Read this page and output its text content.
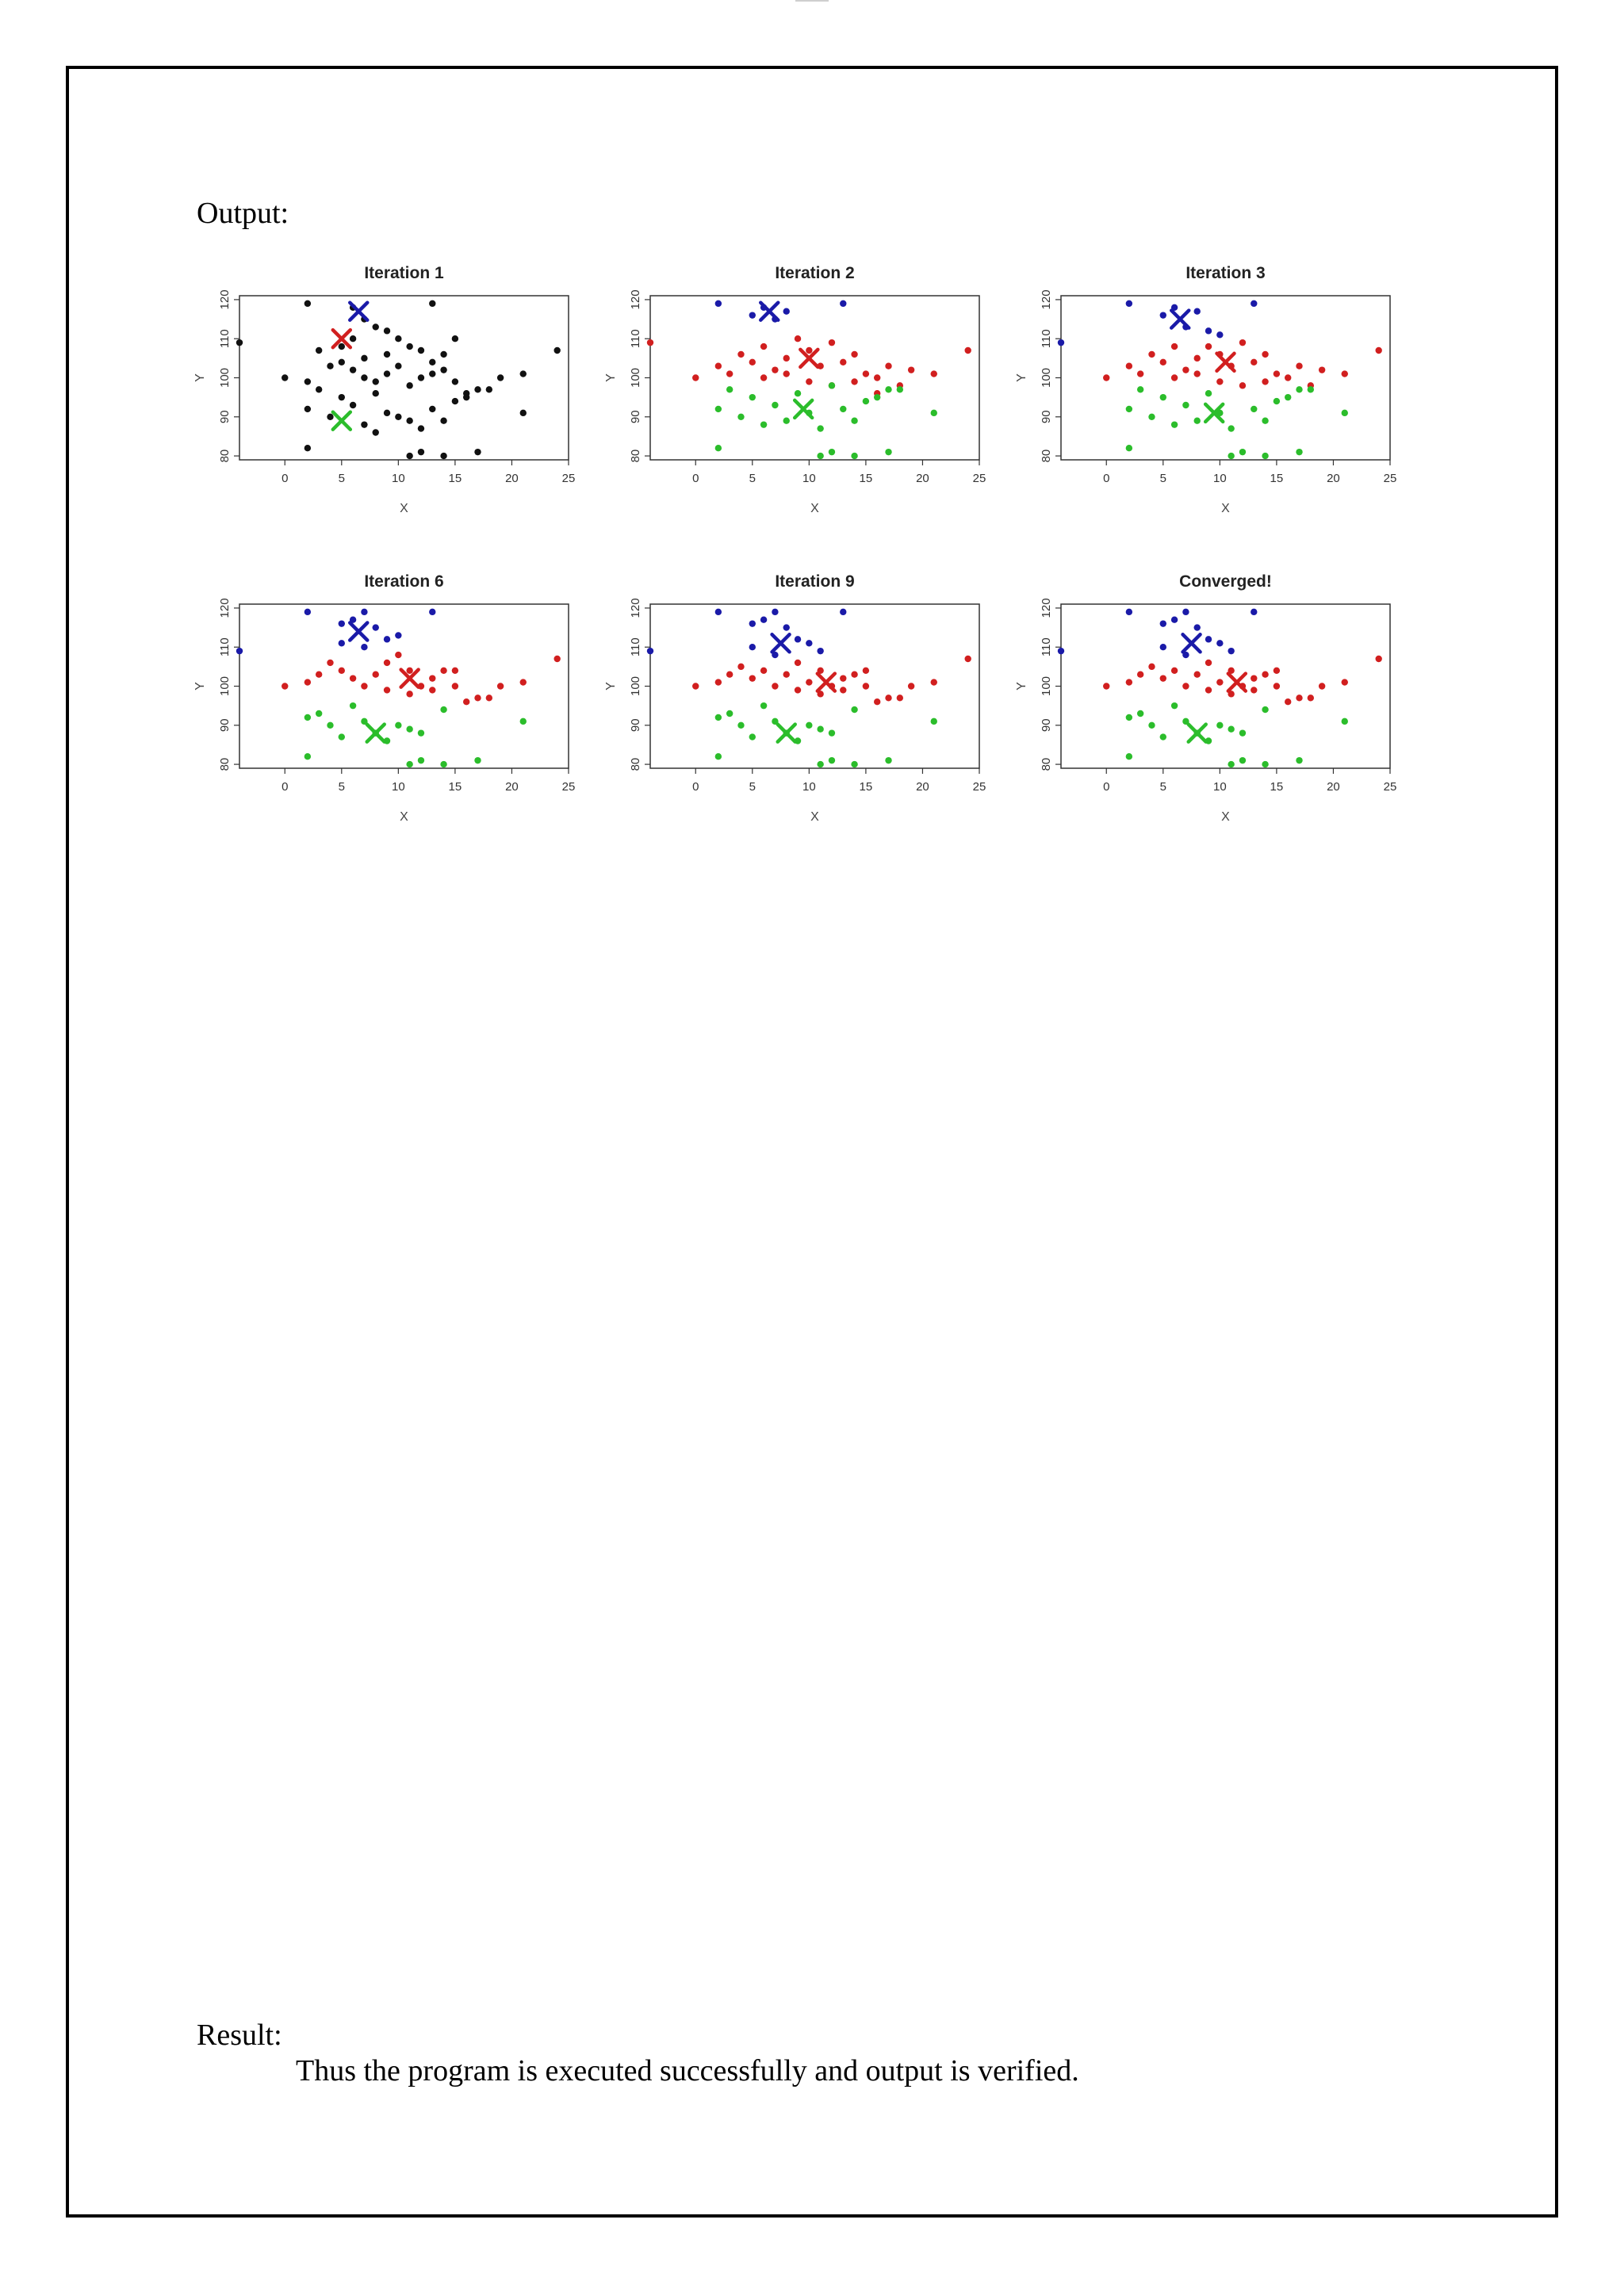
Output:
Iteration 1
0	5	10	15	20	25
80
90
100
110
120
X
Y
Iteration 2
0	5	10	15	20	25
80
90
100
110
120
X
Y
Iteration 3
0	5	10	15	20	25
80
90
100
110
120
X
Y
Iteration 6
0	5	10	15	20	25
80
90
100
110
120
X
Y
Iteration 9
0	5	10	15	20	25
80
90
100
110
120
X
Y
Converged!
0	5	10	15	20	25
80
90
100
110
120
X
Y
Result:
Thus the program is executed successfully and output is verified.
